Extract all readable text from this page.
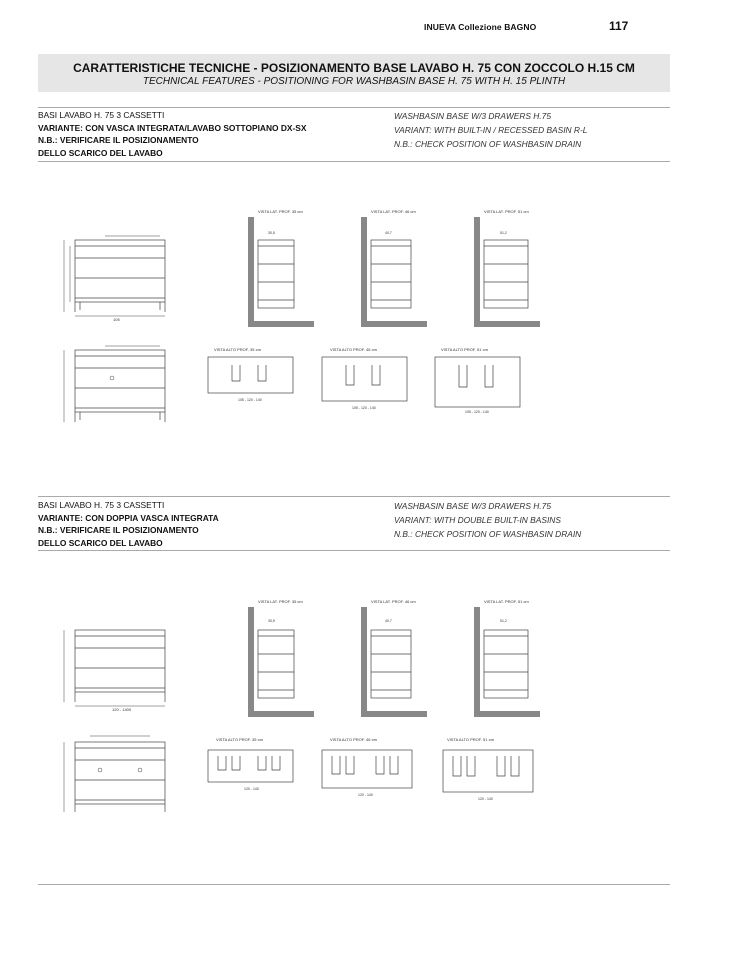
INUEVA Collezione BAGNO	117
CARATTERISTICHE TECNICHE - POSIZIONAMENTO BASE LAVABO H. 75 CON ZOCCOLO H.15 CM
TECHNICAL FEATURES - POSITIONING FOR WASHBASIN BASE H. 75 WITH H. 15 PLINTH
BASI LAVABO H. 75 3 CASSETTI
VARIANTE: CON VASCA INTEGRATA/LAVABO SOTTOPIANO DX-SX
N.B.: VERIFICARE IL POSIZIONAMENTO
DELLO SCARICO DEL LAVABO
WASHBASIN BASE W/3 DRAWERS H.75
VARIANT: WITH BUILT-IN / RECESSED BASIN R-L
N.B.: CHECK POSITION OF WASHBASIN DRAIN
BASI LAVABO H. 75 3 CASSETTI
VARIANTE: CON DOPPIA VASCA INTEGRATA
N.B.: VERIFICARE IL POSIZIONAMENTO
DELLO SCARICO DEL LAVABO
WASHBASIN BASE W/3 DRAWERS H.75
VARIANT: WITH DOUBLE BUILT-IN BASINS
N.B.: CHECK POSITION OF WASHBASIN DRAIN
105
VISTA LAT. PROF. 35 cm	VISTA LAT. PROF. 46 cm	VISTA LAT. PROF. 51 cm
30,5	40,7	51,2
VISTA ALTO PROF. 35 cm	VISTA ALTO PROF. 46 cm	VISTA ALTO PROF. 51 cm
105 - 120 - 140
105 - 120 - 140
105 - 120 - 140
120 - 1400
VISTA LAT. PROF. 35 cm	VISTA LAT. PROF. 46 cm	VISTA LAT. PROF. 51 cm
30,5	40,7	51,2
VISTA ALTO PROF. 35 cm	VISTA ALTO PROF. 46 cm	VISTA ALTO PROF. 51 cm
120 - 140
120 - 140
120 - 140
